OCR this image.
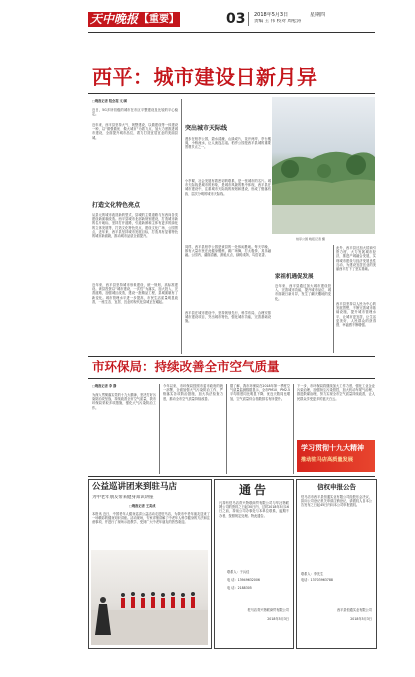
天中晚报 【重要】	03 2018年5月3日	星期四
责编 王 伟 校对 周松涛
西平：城市建设日新月异
□晚报记者 程会超 文/图
近日，5G多所初级的城市在市区平整建设及比较的平心稳定。
近年来，西平县坚持大气、规整建设，以做建设等一体建设一种，以“做强做优、做大城市”为着力点，加大力度推进城市建设，全面提升城市品位，着力打造宜居宜业的美丽县城。
打造文化特色亮点
从县元的城市改造新的型式，县城的主要道路与东西向各类建设新面貌改造。西平县城市北部新规划建设，打造城市新的名片地标，坚持打开道路，引道新颜和主体有更多的绿化的立体发展等，打造文化特色亮点，建设文化广场、公园景点，近年来，西平县坚持城市发展目标，打造具有显著特色的城市新面貌，推动城市品质全面提升。
近年来，西平县坚持城市形象建设，统一规划，高标准建设。该县投资以“城市建设，一次性”为落实，加大投入，完善道路，加强城区改造，建设一批精品工程，县城面貌有了新变化。城市管理水平进一步提高，市民生活质量明显改善，一座生态、宜居、宜业的现代化县城正在崛起。
突出城市天际线
漫步在柏亭公园，碧水清澈，山绿成片，花开两岸，亭台楼阁，小桥流水，让人流连忘返。柏亭公园是西平县城的重要景观节点之一。
小亭紧，社会发展有着密切的联系，是一张城市的名片。城市天际线是城市的形象，是城市风貌的集中体现，西平县在城市建设中，注重城市天际线的规划和建设，形成了错落有致、层次分明的城市天际线。
同样，西平县柏亭公园是该县的一处休闲胜地。每天早晚，都有大量市民在此健身锻炼，跳广场舞，打太极拳，其乐融融。公园内，湖面清澈，游船点点，绿树成荫，鸟语花香。
西平县在城市建设中，坚持规划先行，科学布局，合理安排城市建设项目，突出城市特色，强化城市功能，完善基础设施。
柏亭公园 晚报记者 摄
家祖机遇促发展
近年来，西平县通过加大城市建设投入，完善城市功能，提升城市品位，城市面貌日新月异，发生了翻天覆地的变化。
此外，西平县还加大招商引资力度，大力发展城市经济，推进产城融合发展，实现城市建设与经济发展良性互动，为建设宜居宜业的美丽西平打下了坚实基础。
西平县坚持以人民为中心的发展思想，不断完善城市基础设施，提升城市管理水平，让城市更宜居，让生活更美好，人民群众的获得感、幸福感不断增强。
市环保局：持续改善全市空气质量
□晚报记者 李 静
为深入贯彻落实党的十九大精神，坚决打好污染防治攻坚战，持续改善全市空气质量，我市环保局采取多项措施，强化大气污染防治工作。
今年以来，市环保局按照市委市政府的统一部署，全面加强大气污染防治工作，严格落实各项防治措施，加大执法检查力度，推动全市空气质量持续改善。
据了解，我市环保局在2018年第一季度空气质量监测数据显示，全市PM10、PM2.5平均浓度同比明显下降，优良天数同比增加，空气质量综合指数排名有所提升。
下一步，市环保局将继续加大工作力度，强化工业企业污染治理，加强扬尘污染管控，加大机动车尾气治理，推进散煤治理，努力实现全市空气质量持续改善，让人民群众享受更多的蓝天白云。
学习贯彻十九大精神
推动驻马店高质量发展
公益巡讲团来到驻马店
为中老年朋友带来健身知识讲座
□晚报记者 王美成
本报讯 近日，中国老年人健身巡讲公益活动走进驻马店，为我市中老年朋友送来了一场精彩的健身知识讲座。活动现场，专家详细讲解了中老年人科学健身的方法和注意事项，并进行了现场示范教学，受到广大中老年朋友的热烈欢迎。
通告
凡持有驻马店青兴物联商贸有限公司与华社物联网公司的资料之日起30日内，过时2018年5月16日之前，持前公司办事处与本单位联系，逾期不办者，按照规定处理。特此通告。
联系人：于兵佳
电 话：13949632006
电 话：2188305
驻马店青兴物联商贸有限公司
2018年5月3日
信权申报公告
驻马店市西平县恒通实业有限公司经股东会决议，拟向公司登记机关申请注销登记，请债权人自本公告发布之日起45日内向本公司申报债权。
联系人：李先生
电话：13703963788
西平县恒通实业有限公司
2018年5月3日
